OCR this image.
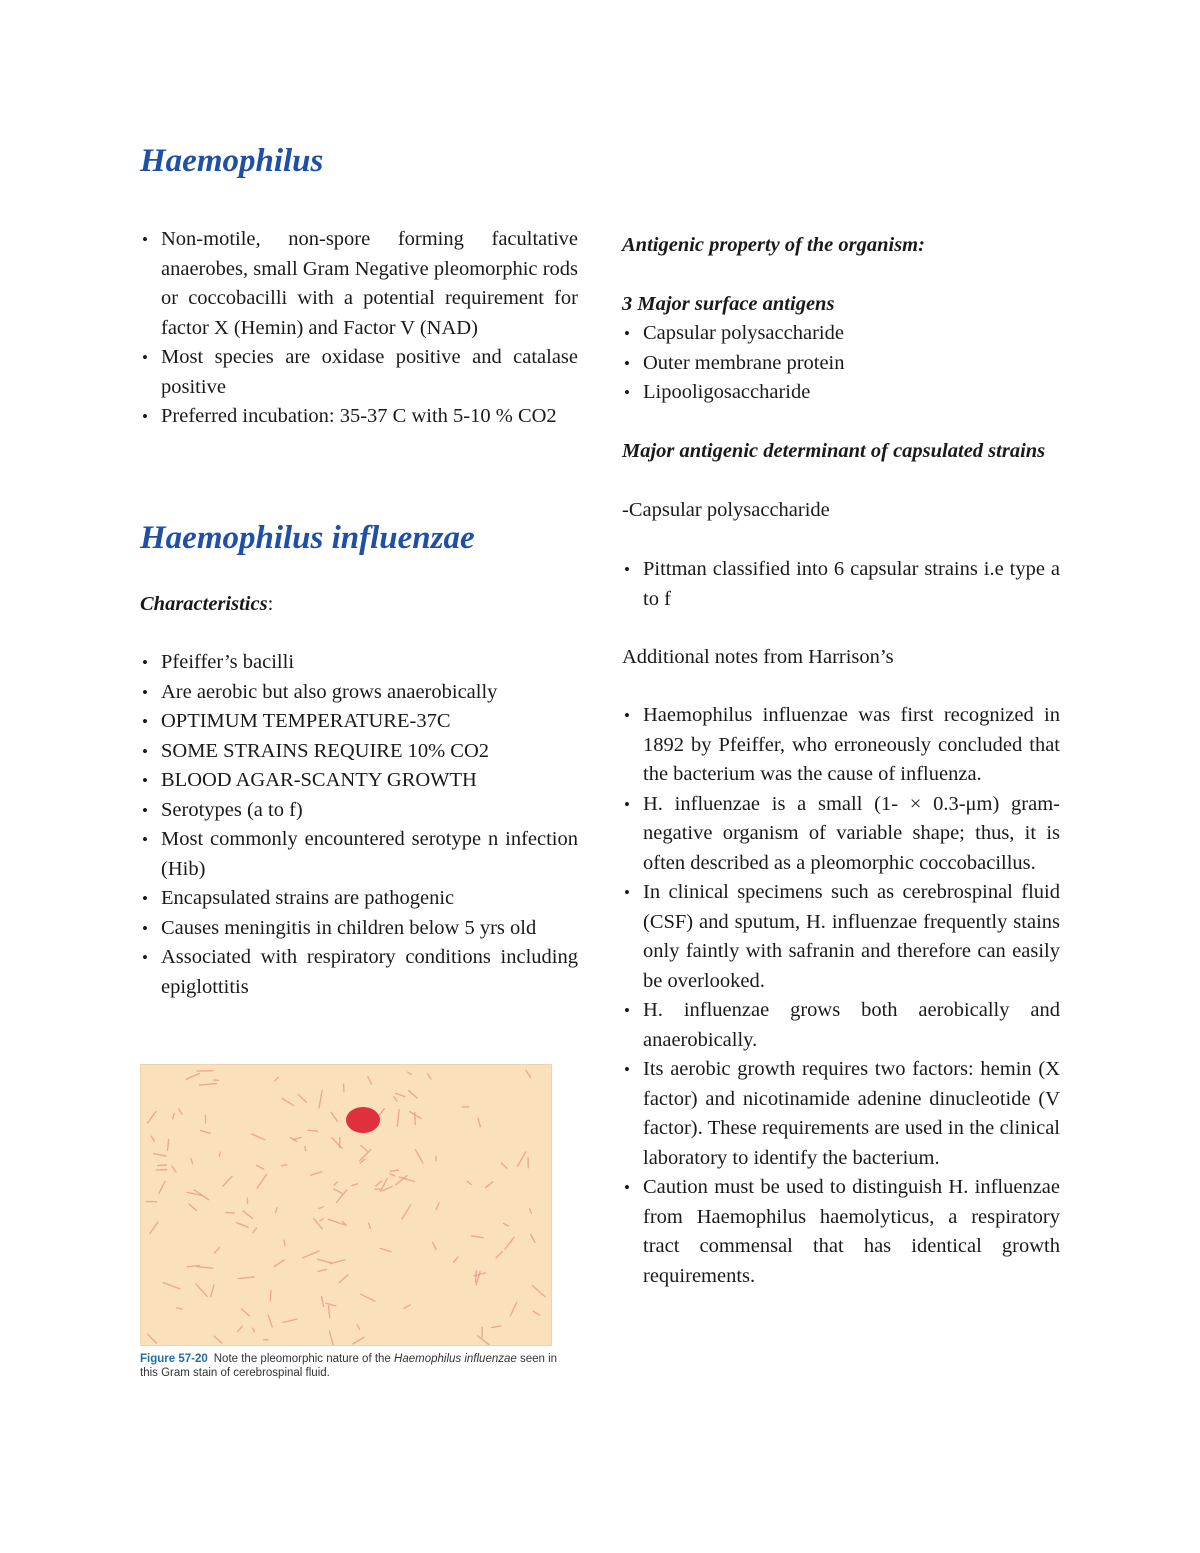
Haemophilus
• Non-motile, non-spore forming facultative anaerobes, small Gram Negative pleomorphic rods or coccobacilli with a potential requirement for factor X (Hemin) and Factor V (NAD)
• Most species are oxidase positive and catalase positive
• Preferred incubation: 35-37 C with 5-10 % CO2
Haemophilus influenzae
Characteristics:
• Pfeiffer’s bacilli
• Are aerobic but also grows anaerobically
• OPTIMUM TEMPERATURE-37C
• SOME STRAINS REQUIRE 10% CO2
• BLOOD AGAR-SCANTY GROWTH
• Serotypes (a to f)
• Most commonly encountered serotype n infection (Hib)
• Encapsulated strains are pathogenic
• Causes meningitis in children below 5 yrs old
• Associated with respiratory conditions including epiglottitis
Figure 57-20 Note the pleomorphic nature of the Haemophilus influenzae seen in this Gram stain of cerebrospinal fluid.
Antigenic property of the organism:
3 Major surface antigens
• Capsular polysaccharide
• Outer membrane protein
• Lipooligosaccharide
Major antigenic determinant of capsulated strains
-Capsular polysaccharide
• Pittman classified into 6 capsular strains i.e type a to f
Additional notes from Harrison’s
• Haemophilus influenzae was first recognized in 1892 by Pfeiffer, who erroneously concluded that the bacterium was the cause of influenza.
• H. influenzae is a small (1- × 0.3-μm) gram-negative organism of variable shape; thus, it is often described as a pleomorphic coccobacillus.
• In clinical specimens such as cerebrospinal fluid (CSF) and sputum, H. influenzae frequently stains only faintly with safranin and therefore can easily be overlooked.
• H. influenzae grows both aerobically and anaerobically.
• Its aerobic growth requires two factors: hemin (X factor) and nicotinamide adenine dinucleotide (V factor). These requirements are used in the clinical laboratory to identify the bacterium.
• Caution must be used to distinguish H. influenzae from Haemophilus haemolyticus, a respiratory tract commensal that has identical growth requirements.
